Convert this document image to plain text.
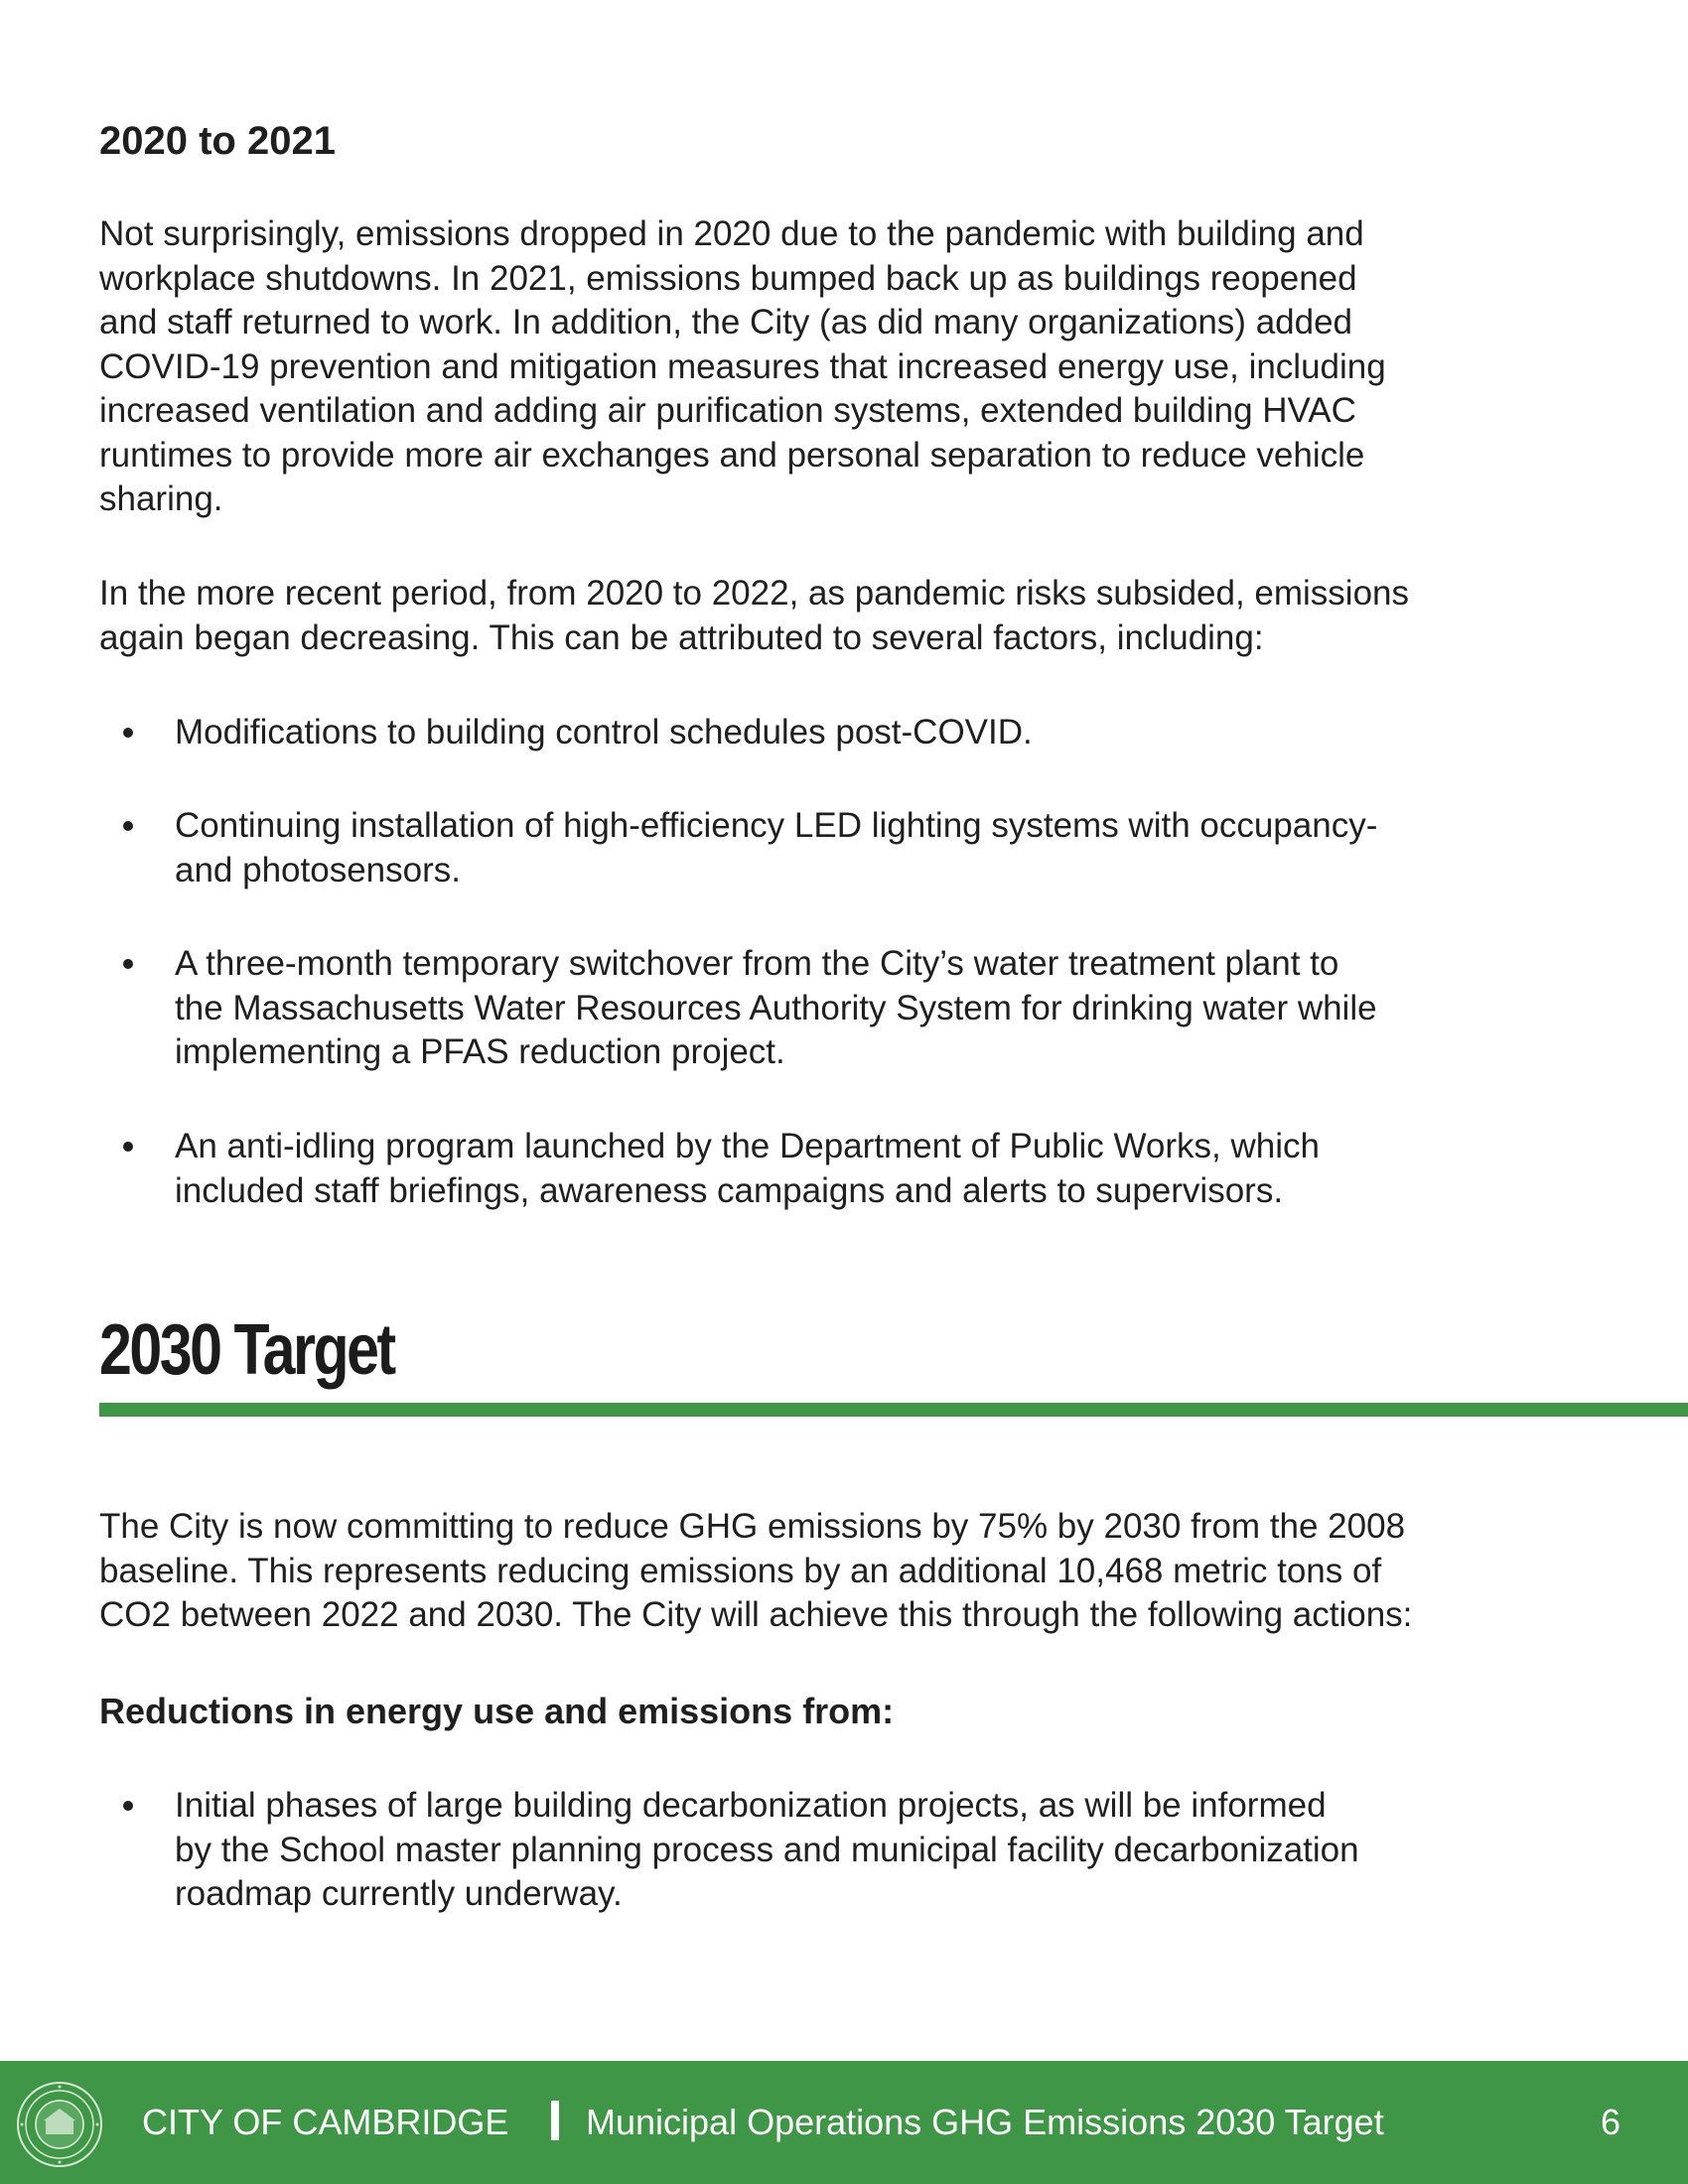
2020 to 2021

Not surprisingly, emissions dropped in 2020 due to the pandemic with building and
workplace shutdowns. In 2021, emissions bumped back up as buildings reopened
and staff returned to work. In addition, the City (as did many organizations) added
COVID-19 prevention and mitigation measures that increased energy use, including
increased ventilation and adding air purification systems, extended building HVAC
runtimes to provide more air exchanges and personal separation to reduce vehicle
sharing.

In the more recent period, from 2020 to 2022, as pandemic risks subsided, emissions
again began decreasing. This can be attributed to several factors, including:

Modifications to building control schedules post-COVID.
Continuing installation of high-efficiency LED lighting systems with occupancy-
and photosensors.
A three-month temporary switchover from the City’s water treatment plant to
the Massachusetts Water Resources Authority System for drinking water while
implementing a PFAS reduction project.
An anti-idling program launched by the Department of Public Works, which
included staff briefings, awareness campaigns and alerts to supervisors.
2030 Target

The City is now committing to reduce GHG emissions by 75% by 2030 from the 2008
baseline. This represents reducing emissions by an additional 10,468 metric tons of
CO2 between 2022 and 2030. The City will achieve this through the following actions:

Reductions in energy use and emissions from:
Initial phases of large building decarbonization projects, as will be informed
by the School master planning process and municipal facility decarbonization
roadmap currently underway.
CITY OF CAMBRIDGE Municipal Operations GHG Emissions 2030 Target	6
